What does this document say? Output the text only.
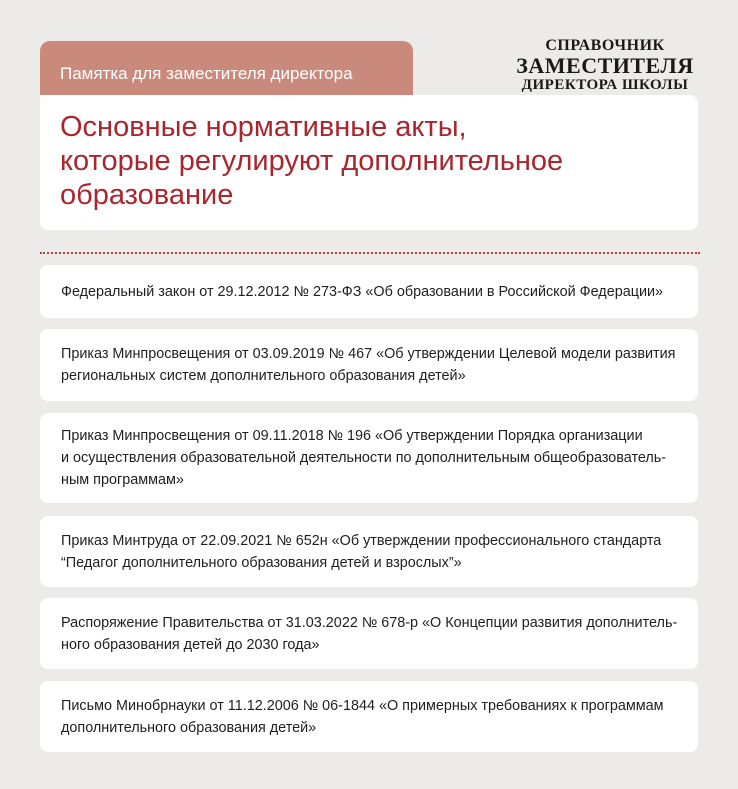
Памятка для заместителя директора
СПРАВОЧНИК
ЗАМЕСТИТЕЛЯ
ДИРЕКТОРА ШКОЛЫ
Основные нормативные акты,
которые регулируют дополнительное
образование
Федеральный закон от 29.12.2012 № 273-ФЗ «Об образовании в Российской Федерации»
Приказ Минпросвещения от 03.09.2019 № 467 «Об утверждении Целевой модели развития
региональных систем дополнительного образования детей»
Приказ Минпросвещения от 09.11.2018 № 196 «Об утверждении Порядка организации
и осуществления образовательной деятельности по дополнительным общеобразователь-
ным программам»
Приказ Минтруда от 22.09.2021 № 652н «Об утверждении профессионального стандарта
“Педагог дополнительного образования детей и взрослых”»
Распоряжение Правительства от 31.03.2022 № 678-р «О Концепции развития дополнитель-
ного образования детей до 2030 года»
Письмо Минобрнауки от 11.12.2006 № 06-1844 «О примерных требованиях к программам
дополнительного образования детей»
